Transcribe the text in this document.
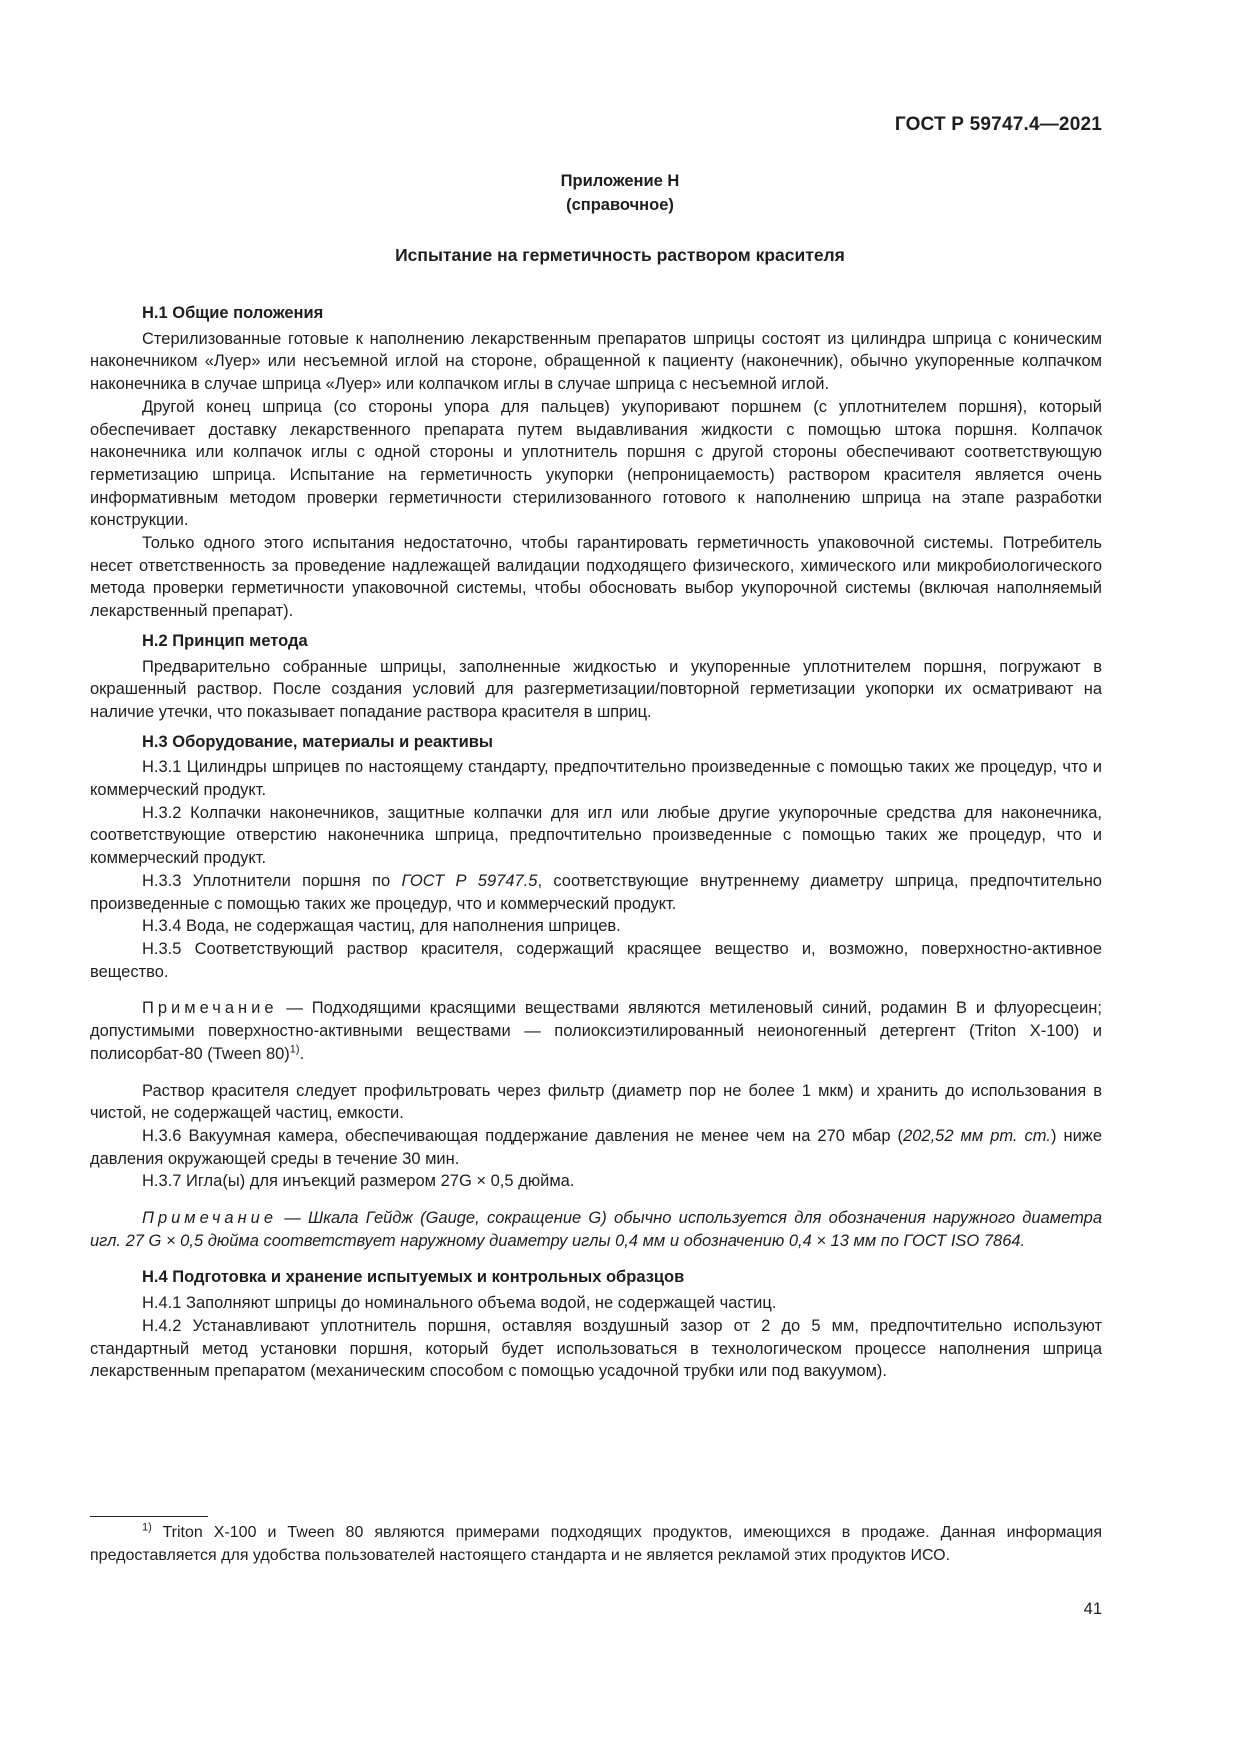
ГОСТ Р 59747.4—2021
Приложение Н
(справочное)
Испытание на герметичность раствором красителя
Н.1 Общие положения

Стерилизованные готовые к наполнению лекарственным препаратов шприцы состоят из цилиндра шприца с коническим наконечником «Луер» или несъемной иглой на стороне, обращенной к пациенту (наконечник), обычно укупоренные колпачком наконечника в случае шприца «Луер» или колпачком иглы в случае шприца с несъемной иглой.

Другой конец шприца (со стороны упора для пальцев) укупоривают поршнем (с уплотнителем поршня), который обеспечивает доставку лекарственного препарата путем выдавливания жидкости с помощью штока поршня. Колпачок наконечника или колпачок иглы с одной стороны и уплотнитель поршня с другой стороны обеспечивают соответствующую герметизацию шприца. Испытание на герметичность укупорки (непроницаемость) раствором красителя является очень информативным методом проверки герметичности стерилизованного готового к наполнению шприца на этапе разработки конструкции.

Только одного этого испытания недостаточно, чтобы гарантировать герметичность упаковочной системы. Потребитель несет ответственность за проведение надлежащей валидации подходящего физического, химического или микробиологического метода проверки герметичности упаковочной системы, чтобы обосновать выбор укупорочной системы (включая наполняемый лекарственный препарат).

Н.2 Принцип метода

Предварительно собранные шприцы, заполненные жидкостью и укупоренные уплотнителем поршня, погружают в окрашенный раствор. После создания условий для разгерметизации/повторной герметизации укопорки их осматривают на наличие утечки, что показывает попадание раствора красителя в шприц.

Н.3 Оборудование, материалы и реактивы

Н.3.1 Цилиндры шприцев по настоящему стандарту, предпочтительно произведенные с помощью таких же процедур, что и коммерческий продукт.

Н.3.2 Колпачки наконечников, защитные колпачки для игл или любые другие укупорочные средства для наконечника, соответствующие отверстию наконечника шприца, предпочтительно произведенные с помощью таких же процедур, что и коммерческий продукт.

Н.3.3 Уплотнители поршня по ГОСТ Р 59747.5, соответствующие внутреннему диаметру шприца, предпочтительно произведенные с помощью таких же процедур, что и коммерческий продукт.

Н.3.4 Вода, не содержащая частиц, для наполнения шприцев.

Н.3.5 Соответствующий раствор красителя, содержащий красящее вещество и, возможно, поверхностно-активное вещество.

Примечание — Подходящими красящими веществами являются метиленовый синий, родамин В и флуоресцеин; допустимыми поверхностно-активными веществами — полиоксиэтилированный неионогенный детергент (Triton X-100) и полисорбат-80 (Tween 80)$^{1)}$.

Раствор красителя следует профильтровать через фильтр (диаметр пор не более 1 мкм) и хранить до использования в чистой, не содержащей частиц, емкости.

Н.3.6 Вакуумная камера, обеспечивающая поддержание давления не менее чем на 270 мбар (202,52 мм рт. ст.) ниже давления окружающей среды в течение 30 мин.

Н.3.7 Игла(ы) для инъекций размером 27G × 0,5 дюйма.

Примечание — Шкала Гейдж (Gauge, сокращение G) обычно используется для обозначения наружного диаметра игл. 27 G × 0,5 дюйма соответствует наружному диаметру иглы 0,4 мм и обозначению 0,4 × 13 мм по ГОСТ ISO 7864.

Н.4 Подготовка и хранение испытуемых и контрольных образцов

Н.4.1 Заполняют шприцы до номинального объема водой, не содержащей частиц.

Н.4.2 Устанавливают уплотнитель поршня, оставляя воздушный зазор от 2 до 5 мм, предпочтительно используют стандартный метод установки поршня, который будет использоваться в технологическом процессе наполнения шприца лекарственным препаратом (механическим способом с помощью усадочной трубки или под вакуумом).

$^{1)}$ Triton X-100 и Tween 80 являются примерами подходящих продуктов, имеющихся в продаже. Данная информация предоставляется для удобства пользователей настоящего стандарта и не является рекламой этих продуктов ИСО.
41
